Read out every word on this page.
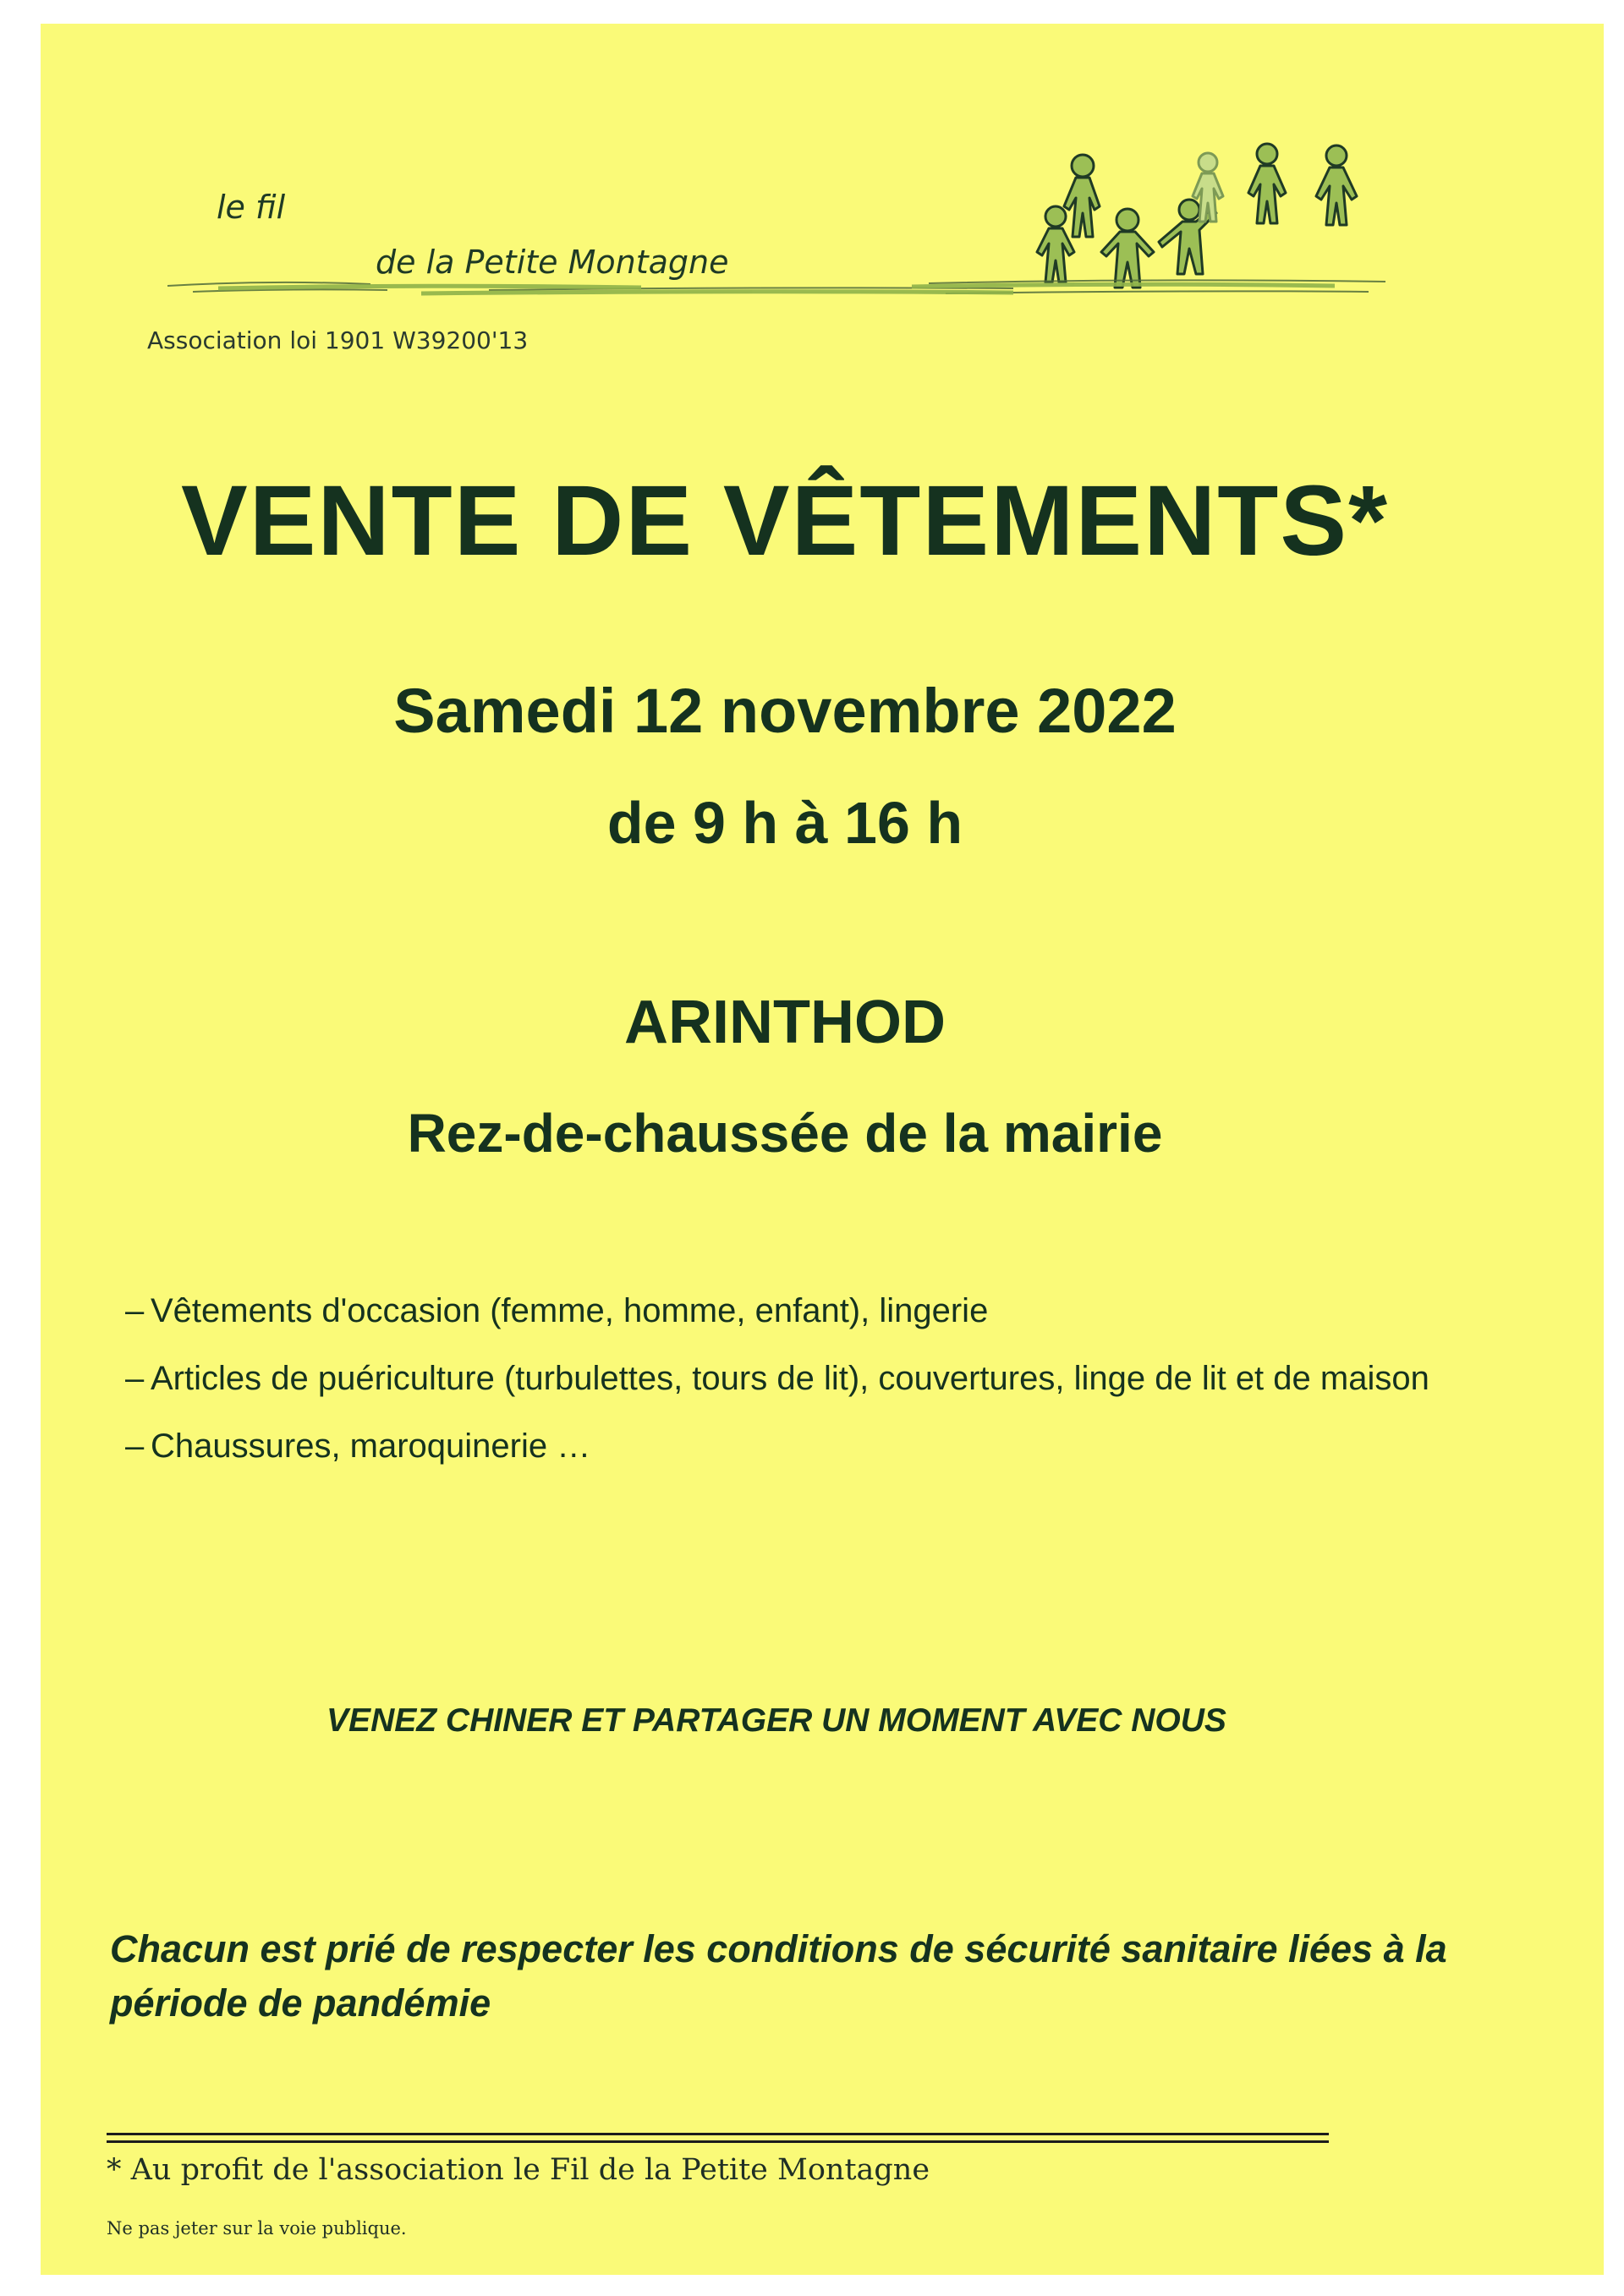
le fil
de la Petite Montagne
Association loi 1901 W39200'13
VENTE DE VÊTEMENTS*
Samedi 12 novembre 2022
de 9 h à 16 h
ARINTHOD
Rez-de-chaussée de la mairie
– Vêtements d'occasion (femme, homme, enfant), lingerie
– Articles de puériculture (turbulettes, tours de lit), couvertures, linge de lit et de maison
– Chaussures, maroquinerie …
VENEZ CHINER ET PARTAGER UN MOMENT AVEC NOUS
Chacun est prié de respecter les conditions de sécurité sanitaire liées à la période de pandémie
* Au profit de l'association le Fil de la Petite Montagne
Ne pas jeter sur la voie publique.
